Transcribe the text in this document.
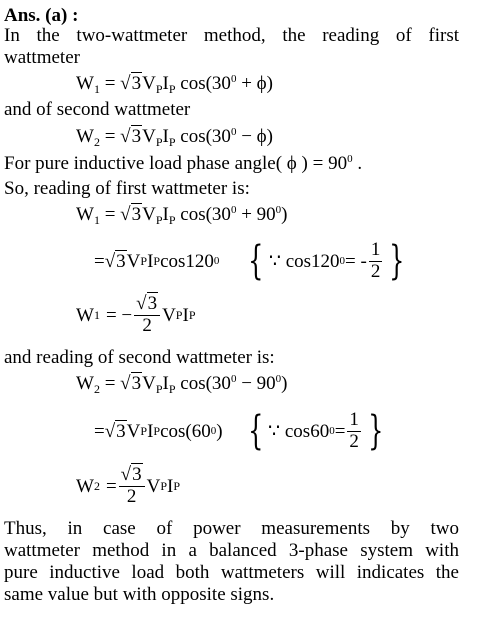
Ans. (a) :
In the two-wattmeter method, the reading of first
wattmeter
$W_1 = √3V_PI_P$ $\cos(30^0 + \phi)$
and of second wattmeter
$W_2 = √3V_PI_P$ $\cos(30^0 - \phi)$
For pure inductive load phase angle( ϕ ) = $90^0$ .
So, reading of first wattmeter is:
$W_1 = √3V_PI_P$ $\cos(30^0 + 90^0)$
= √3 V P I P cos120 0 { ∵ cos120 0 = - $\frac{1}{2}$ }
W 1 = − $\frac{√3}{2}$ V P I P
and reading of second wattmeter is:
$W_2 = √3V_PI_P$ $\cos(30^0 - 90^0)$
= √3 V P I P cos(60 0 ) { ∵ cos60 $0 = \frac{1}{2}$ }
W $2 = \frac{√3}{2}$ V P I P
Thus, in case of power measurements by two
wattmeter method in a balanced 3-phase system with
pure inductive load both wattmeters will indicates the
same value but with opposite signs.
